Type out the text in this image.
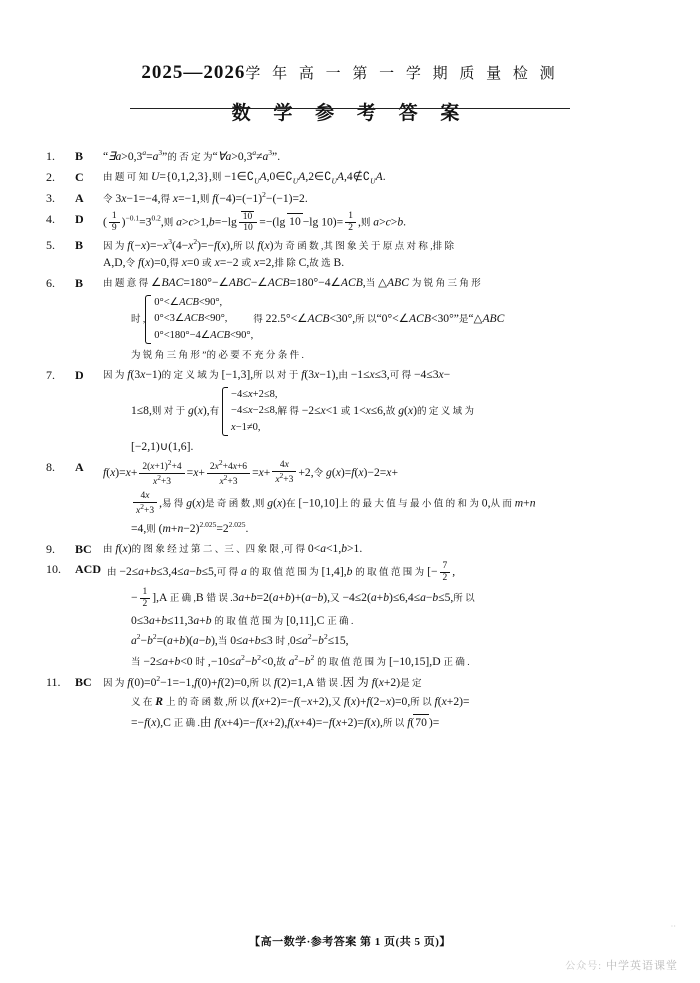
2025—2026学 年 高 一 第 一 学 期 质 量 检 测
数 学 参 考 答 案
1.	B	“$\exists a>0,3^a=a^3$”的 否 定 为“$\forall a>0,3^a\ne a^3$”.
2.	C	由 题 可 知 U={0,1,2,3},则 $-1\in∁_UA,0\in∁_UA,2\in∁_UA,4\notin∁_UA$.
3.	A	令 3x−1=−4,得 x=−1,则 $f(-4)=(-1)^2-(-1)=2$.
4.	D	( $\frac{1}{9} )^{-0.1}=3^{0.2}$,则 $a>c>1,b=-\lg \frac{10}{10} =-(\lg$ 10 −lg $10)= \frac{1}{2}$ ,则 a>c>b.
5.	B	因 为 $f(-x)=-x^3(4-x^2)=-f(x)$,所 以 f(x)为 奇 函 数 ,其 图 象 关 于 原 点 对 称 ,排 除
A,D,令 f(x)=0,得 x=0 或 x=−2 或 x=2,排 除 C,故 选 B.
6.	B	由 题 意 得 ∠BAC=180°−∠ABC−∠ACB=180°−4∠ACB,当 △ABC 为 锐 角 三 角 形
时 ,
0°<∠ACB<90°,
0°<3∠ACB<90°,
0°<180°−4∠ACB<90°,
得 22.5°<∠ACB<30°,所 以“0°<∠ACB<30°”是“△ABC
为 锐 角 三 角 形 ”的 必 要 不 充 分 条 件 .
7.	D	因 为 f(3x−1)的 定 义 域 为 [−1,3],所 以 对 于 f(3x−1),由 −1≤x≤3,可 得 −4≤3x−
1≤8,则 对 于 g(x),有
−4≤x+2≤8,
−4≤x−2≤8,
x−1≠0,
解 得 −2≤x<1 或 1<x≤6,故 g(x)的 定 义 域 为
[−2,1)∪(1,6].
8.	A	$f(x)=x+ \frac{2(x+1)^2+4}{x^2+3} =x+ \frac{2x^2+4x+6}{x^2+3} =x+ \frac{4x}{x^2+3} +2$,令 g(x)=f(x)−2=x+
$\frac{4x}{x^2+3}$ ,易 得 g(x)是 奇 函 数 ,则 g(x)在 [−10,10]上 的 最 大 值 与 最 小 值 的 和 为 0,从 而 m+n
=4,则 $(m+n-2)^{2.025}=2^{2.025}$.
9.	BC	由 f(x)的 图 象 经 过 第 二 、三 、四 象 限 ,可 得 0<a<1,b>1.
10.	ACD 由 −2≤a+b≤3,4≤a−b≤5,可 得 a 的 取 值 范 围 为 [1,4],b 的 取 值 范 围 为 [− $\frac{7}{2}$ ,
− $\frac{1}{2} ],A$ 正 确 ,B 错 误 .3a+b=2(a+b)+(a−b),又 −4≤2(a+b)≤6,4≤a−b≤5,所 以
0≤3a+b≤11,3a+b 的 取 值 范 围 为 [0,11],C 正 确 .
$a^2-b^2=(a+b)(a-b)$,当 0≤a+b≤3 时 $,0\le a^2-b^2\le 15$,
当 −2≤a+b<0 时 $,-10\le a^2-b^2<0$,故 $a^2-b^2$ 的 取 值 范 围 为 [−10,15],D 正 确 .
11.	BC	因 为 $f(0)=0^2-1=-1,f(0)+f(2)=0$,所 以 f(2)=1,A 错 误 .因 为 f(x+2)是 定
义 在 R 上 的 奇 函 数 ,所 以 f(x+2)=−f(−x+2),又 f(x)+f(2−x)=0,所 以 f(x+2)=
=−f(x),C 正 确 .由 f(x+4)=−f(x+2),f(x+4)=−f(x+2)=f(x),所 以 f(70 )=
【高一数学·参考答案 第 1 页(共 5 页)】
··
公众号: 中学英语课堂
